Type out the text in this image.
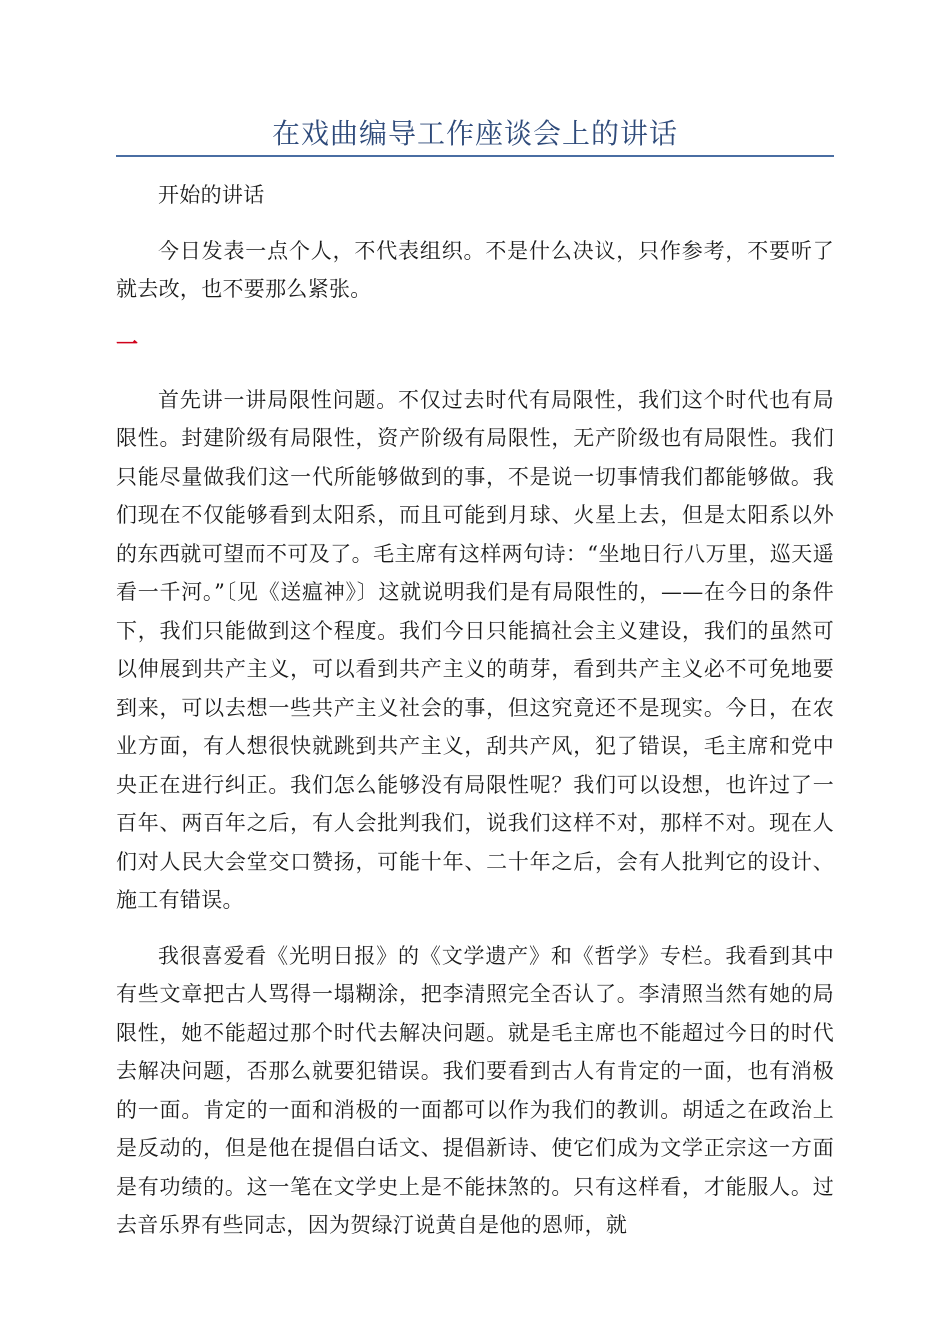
在戏曲编导工作座谈会上的讲话

开始的讲话

今日发表一点个人，不代表组织。不是什么决议，只作参考，不要听了就去改，也不要那么紧张。

一

首先讲一讲局限性问题。不仅过去时代有局限性，我们这个时代也有局限性。封建阶级有局限性，资产阶级有局限性，无产阶级也有局限性。我们只能尽量做我们这一代所能够做到的事，不是说一切事情我们都能够做。我们现在不仅能够看到太阳系，而且可能到月球、火星上去，但是太阳系以外的东西就可望而不可及了。毛主席有这样两句诗：“坐地日行八万里，巡天遥看一千河。”〔见《送瘟神》〕这就说明我们是有局限性的，——在今日的条件下，我们只能做到这个程度。我们今日只能搞社会主义建设，我们的虽然可以伸展到共产主义，可以看到共产主义的萌芽，看到共产主义必不可免地要到来，可以去想一些共产主义社会的事，但这究竟还不是现实。今日，在农业方面，有人想很快就跳到共产主义，刮共产风，犯了错误，毛主席和党中央正在进行纠正。我们怎么能够没有局限性呢？我们可以设想，也许过了一百年、两百年之后，有人会批判我们，说我们这样不对，那样不对。现在人们对人民大会堂交口赞扬，可能十年、二十年之后，会有人批判它的设计、施工有错误。

我很喜爱看《光明日报》的《文学遗产》和《哲学》专栏。我看到其中有些文章把古人骂得一塌糊涂，把李清照完全否认了。李清照当然有她的局限性，她不能超过那个时代去解决问题。就是毛主席也不能超过今日的时代去解决问题，否那么就要犯错误。我们要看到古人有肯定的一面，也有消极的一面。肯定的一面和消极的一面都可以作为我们的教训。胡适之在政治上是反动的，但是他在提倡白话文、提倡新诗、使它们成为文学正宗这一方面是有功绩的。这一笔在文学史上是不能抹煞的。只有这样看，才能服人。过去音乐界有些同志，因为贺绿汀说黄自是他的恩师，就
